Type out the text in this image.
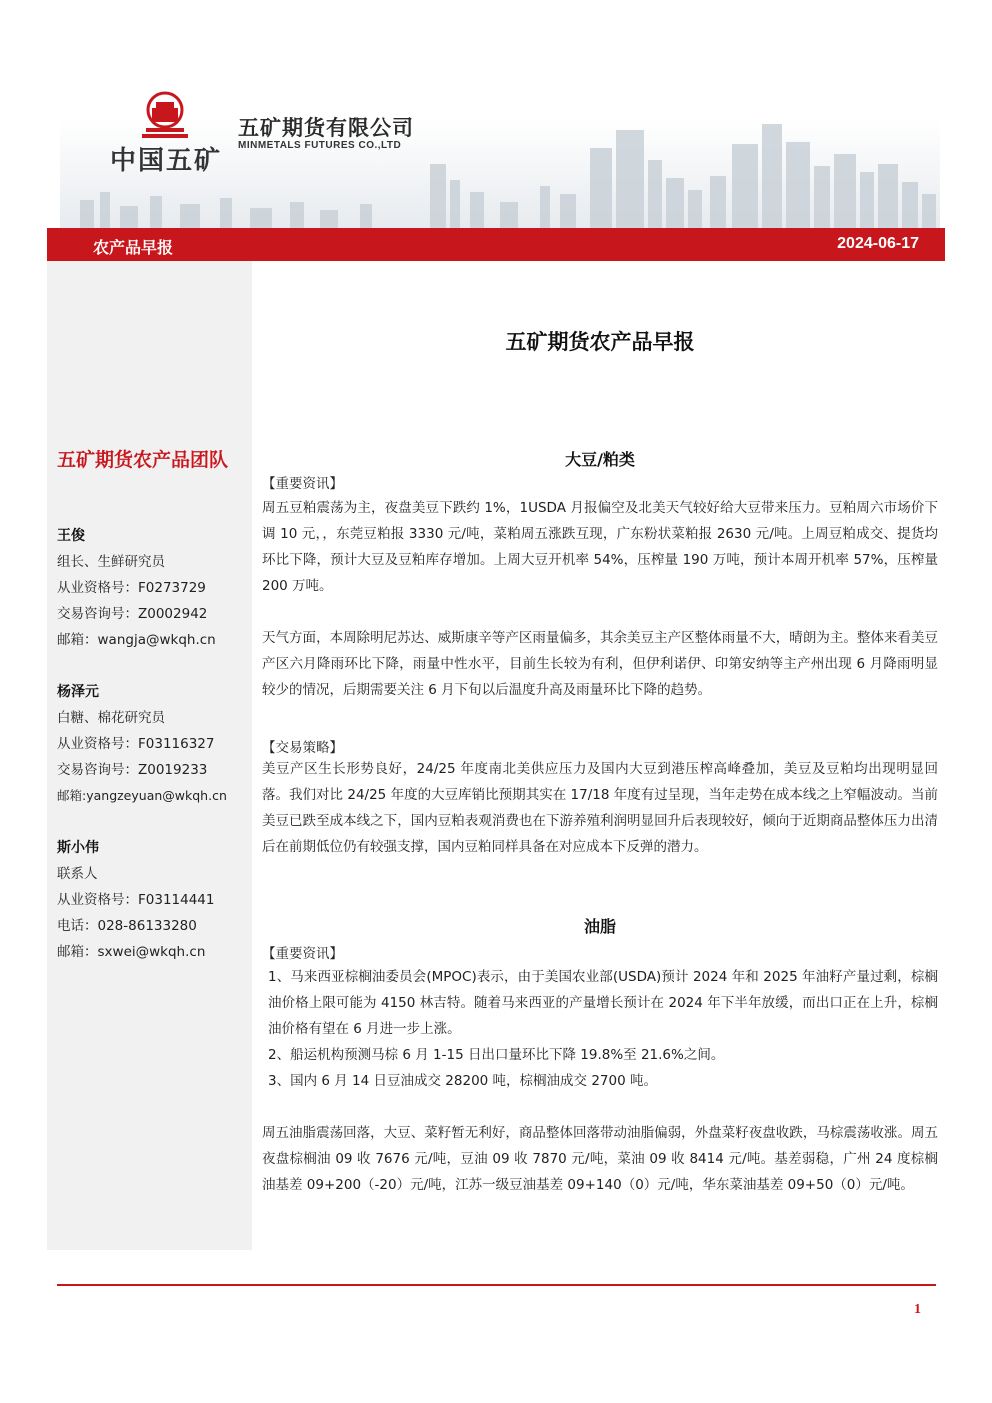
中国五矿
五矿期货有限公司
MINMETALS FUTURES CO.,LTD
农产品早报	2024-06-17
五矿期货农产品团队
王俊
组长、生鲜研究员
从业资格号：F0273729
交易咨询号：Z0002942
邮箱：wangja@wkqh.cn
杨泽元
白糖、棉花研究员
从业资格号：F03116327
交易咨询号：Z0019233
邮箱:yangzeyuan@wkqh.cn
斯小伟
联系人
从业资格号：F03114441
电话：028-86133280
邮箱：sxwei@wkqh.cn
五矿期货农产品早报
大豆/粕类
【重要资讯】
周五豆粕震荡为主，夜盘美豆下跌约 1%，1USDA 月报偏空及北美天气较好给大豆带来压力。豆粕周六市场价下调 10 元，，东莞豆粕报 3330 元/吨，菜粕周五涨跌互现，广东粉状菜粕报 2630 元/吨。上周豆粕成交、提货均环比下降，预计大豆及豆粕库存增加。上周大豆开机率 54%，压榨量 190 万吨，预计本周开机率 57%，压榨量 200 万吨。
天气方面，本周除明尼苏达、威斯康辛等产区雨量偏多，其余美豆主产区整体雨量不大，晴朗为主。整体来看美豆产区六月降雨环比下降，雨量中性水平，目前生长较为有利，但伊利诺伊、印第安纳等主产州出现 6 月降雨明显较少的情况，后期需要关注 6 月下旬以后温度升高及雨量环比下降的趋势。
【交易策略】
美豆产区生长形势良好，24/25 年度南北美供应压力及国内大豆到港压榨高峰叠加，美豆及豆粕均出现明显回落。我们对比 24/25 年度的大豆库销比预期其实在 17/18 年度有过呈现，当年走势在成本线之上窄幅波动。当前美豆已跌至成本线之下，国内豆粕表观消费也在下游养殖利润明显回升后表现较好，倾向于近期商品整体压力出清后在前期低位仍有较强支撑，国内豆粕同样具备在对应成本下反弹的潜力。
油脂
【重要资讯】
1、马来西亚棕榈油委员会(MPOC)表示，由于美国农业部(USDA)预计 2024 年和 2025 年油籽产量过剩，棕榈油价格上限可能为 4150 林吉特。随着马来西亚的产量增长预计在 2024 年下半年放缓，而出口正在上升，棕榈油价格有望在 6 月进一步上涨。
2、船运机构预测马棕 6 月 1-15 日出口量环比下降 19.8%至 21.6%之间。
3、国内 6 月 14 日豆油成交 28200 吨，棕榈油成交 2700 吨。
周五油脂震荡回落，大豆、菜籽暂无利好，商品整体回落带动油脂偏弱，外盘菜籽夜盘收跌，马棕震荡收涨。周五夜盘棕榈油 09 收 7676 元/吨，豆油 09 收 7870 元/吨，菜油 09 收 8414 元/吨。基差弱稳，广州 24 度棕榈油基差 09+200（-20）元/吨，江苏一级豆油基差 09+140（0）元/吨，华东菜油基差 09+50（0）元/吨。
1
